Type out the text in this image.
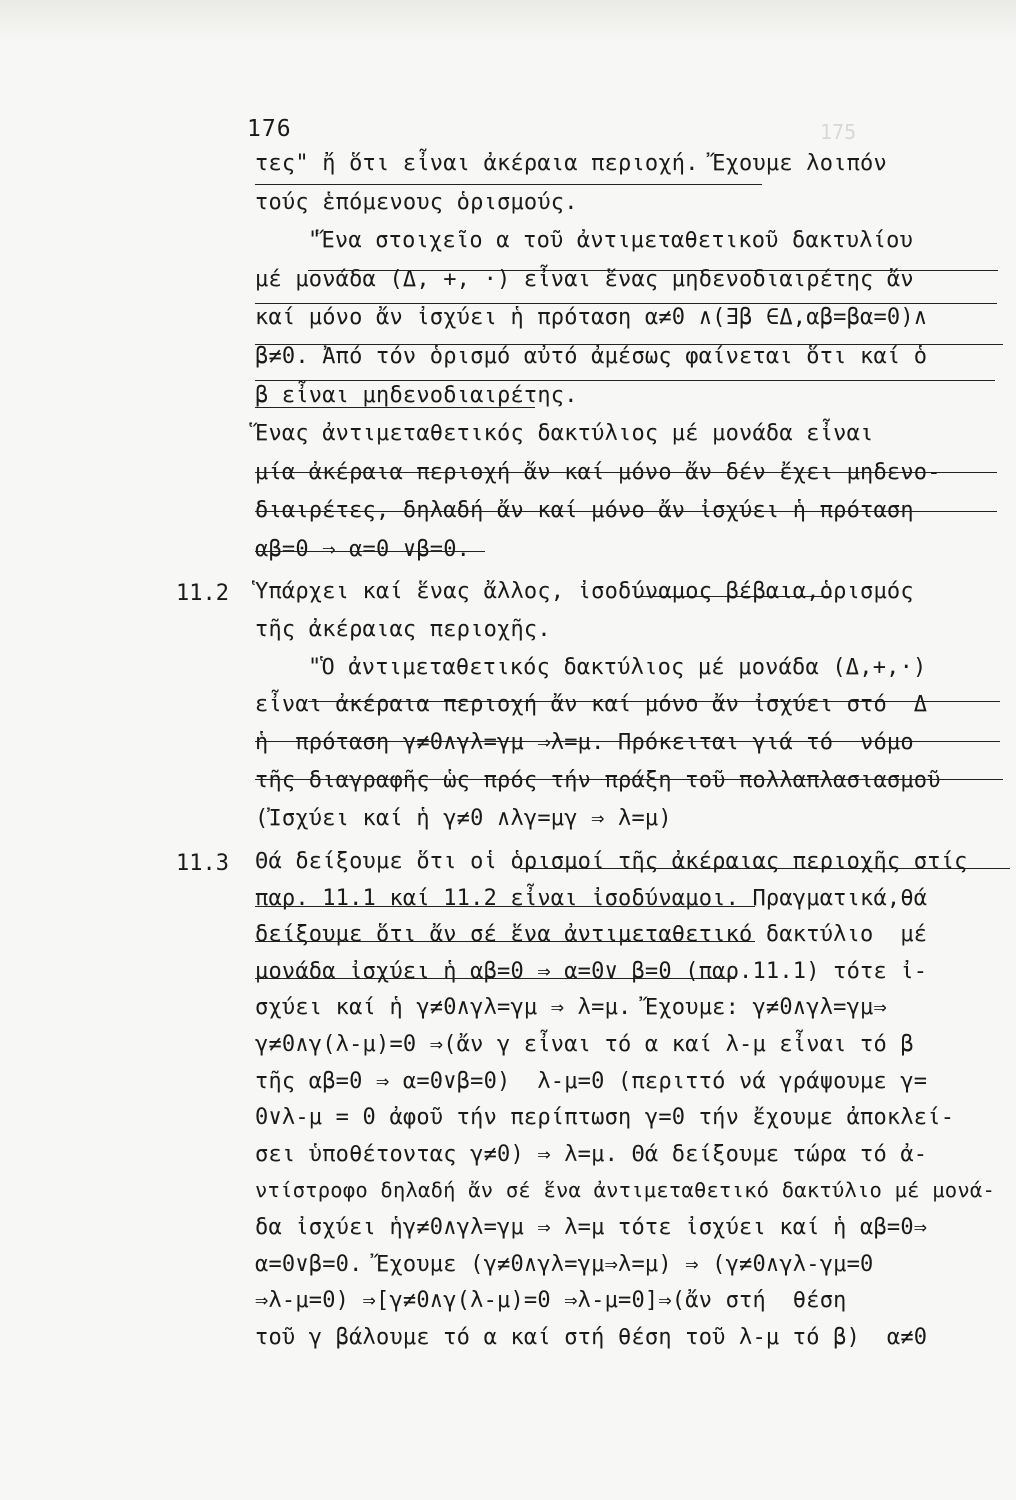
175
176
τες" ἤ ὅτι εἶναι ἀκέραια περιοχή. Ἔχουμε λοιπόν
τούς ἑπόμενους ὁρισμούς.
"Ἕνα στοιχεῖο α τοῦ ἀντιμεταθετικοῦ δακτυλίου
μέ μονάδα (Δ, +, ·) εἶναι ἕνας μηδενοδιαιρέτης ἄν
καί μόνο ἄν ἰσχύει ἡ πρόταση α≠0 ∧(∃β ∈Δ,αβ=βα=0)∧
β≠0. Ἀπό τόν ὁρισμό αὐτό ἀμέσως φαίνεται ὅτι καί ὁ
β εἶναι μηδενοδιαιρέτης.
Ἕνας ἀντιμεταθετικός δακτύλιος μέ μονάδα εἶναι
μία ἀκέραια περιοχή ἄν καί μόνο ἄν δέν ἔχει μηδενο-
διαιρέτες, δηλαδή ἄν καί μόνο ἄν ἰσχύει ἡ πρόταση
αβ=0 ⇒ α=0 ∨β=0.
11.2 Ὑπάρχει καί ἕνας ἄλλος, ἰσοδύναμος βέβαια,ὁρισμός
τῆς ἀκέραιας περιοχῆς.
"Ὁ ἀντιμεταθετικός δακτύλιος μέ μονάδα (Δ,+,·)
εἶναι ἀκέραια περιοχή ἄν καί μόνο ἄν ἰσχύει στό  Δ
ἡ  πρόταση γ≠0∧γλ=γμ ⇒λ=μ. Πρόκειται γιά τό  νόμο
τῆς διαγραφῆς ὡς πρός τήν πράξη τοῦ πολλαπλασιασμοῦ
(Ἰσχύει καί ἡ γ≠0 ∧λγ=μγ ⇒ λ=μ)
11.3 Θά δείξουμε ὅτι οἱ ὁρισμοί τῆς ἀκέραιας περιοχῆς στίς
παρ. 11.1 καί 11.2 εἶναι ἰσοδύναμοι. Πραγματικά,θά
δείξουμε ὅτι ἄν σέ ἕνα ἀντιμεταθετικό δακτύλιο  μέ
μονάδα ἰσχύει ἡ αβ=0 ⇒ α=0∨ β=0 (παρ.11.1) τότε ἰ-
σχύει καί ἡ γ≠0∧γλ=γμ ⇒ λ=μ. Ἔχουμε: γ≠0∧γλ=γμ⇒
γ≠0∧γ(λ-μ)=0 ⇒(ἄν γ εἶναι τό α καί λ-μ εἶναι τό β
τῆς αβ=0 ⇒ α=0∨β=0)  λ-μ=0 (περιττό νά γράψουμε γ=
0∨λ-μ = 0 ἀφοῦ τήν περίπτωση γ=0 τήν ἔχουμε ἀποκλεί-
σει ὑποθέτοντας γ≠0) ⇒ λ=μ. Θά δείξουμε τώρα τό ἀ-
ντίστροφο δηλαδή ἄν σέ ἕνα ἀντιμεταθετικό δακτύλιο μέ μονά-
δα ἰσχύει ἡγ≠0∧γλ=γμ ⇒ λ=μ τότε ἰσχύει καί ἡ αβ=0⇒
α=0∨β=0. Ἔχουμε (γ≠0∧γλ=γμ⇒λ=μ) ⇒ (γ≠0∧γλ-γμ=0
⇒λ-μ=0) ⇒[γ≠0∧γ(λ-μ)=0 ⇒λ-μ=0]⇒(ἄν στή  θέση
τοῦ γ βάλουμε τό α καί στή θέση τοῦ λ-μ τό β)  α≠0
